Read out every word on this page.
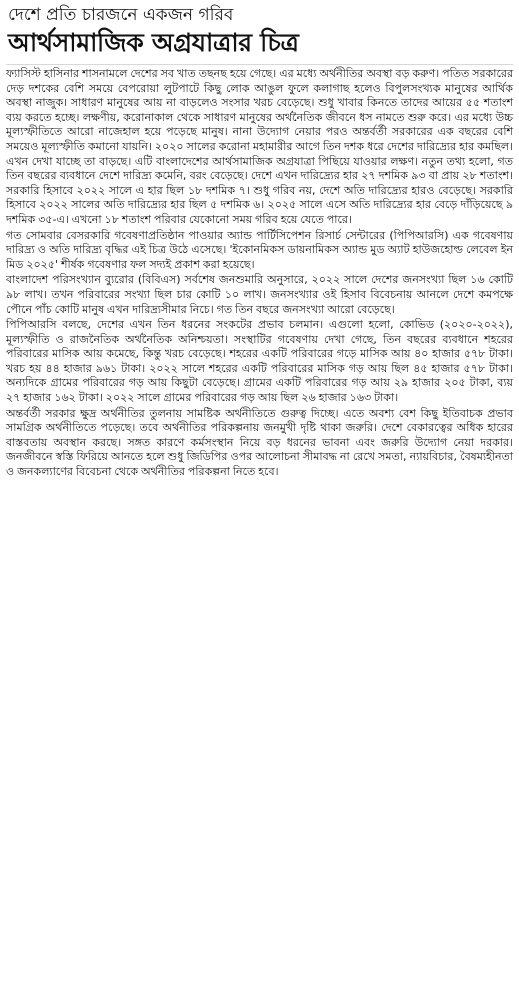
দেশে প্রতি চারজনে একজন গরিব
আর্থসামাজিক অগ্রযাত্রার চিত্র

ফ্যাসিস্ট হাসিনার শাসনামলে দেশের সব খাত তছনছ হয়ে গেছে। এর মধ্যে অর্থনীতির অবস্থা বড় করুণ। পতিত সরকারের দেড় দশকের বেশি সময়ে বেপরোয়া লুটপাটে কিছু লোক আঙুল ফুলে কলাগাছ হলেও বিপুলসংখ্যক মানুষের আর্থিক অবস্থা নাজুক। সাধারণ মানুষের আয় না বাড়লেও সংসার খরচ বেড়েছে। শুধু খাবার কিনতে তাদের আয়ের ৫৫ শতাংশ ব্যয় করতে হচ্ছে। লক্ষণীয়, করোনাকাল থেকে সাধারণ মানুষের অর্থনৈতিক জীবনে ধস নামতে শুরু করে। এর মধ্যে উচ্চ মূল্যস্ফীতিতে আরো নাজেহাল হয়ে পড়েছে মানুষ। নানা উদ্যোগ নেয়ার পরও অন্তর্বর্তী সরকারের এক বছরের বেশি সময়েও মূল্যস্ফীতি কমানো যায়নি। ২০২০ সালের করোনা মহামারীর আগে তিন দশক ধরে দেশের দারিদ্র্যের হার কমছিল। এখন দেখা যাচ্ছে তা বাড়ছে। এটি বাংলাদেশের আর্থসামাজিক অগ্রযাত্রা পিছিয়ে যাওয়ার লক্ষণ। নতুন তথ্য হলো, গত তিন বছরের ব্যবধানে দেশে দারিদ্র্য কমেনি, বরং বেড়েছে। দেশে এখন দারিদ্র্যের হার ২৭ দশমিক ৯৩ বা প্রায় ২৮ শতাংশ। সরকারি হিসাবে ২০২২ সালে এ হার ছিল ১৮ দশমিক ৭। শুধু গরিব নয়, দেশে অতি দারিদ্র্যের হারও বেড়েছে। সরকারি হিসাবে ২০২২ সালের অতি দারিদ্র্যের হার ছিল ৫ দশমিক ৬। ২০২৫ সালে এসে অতি দারিদ্র্যের হার বেড়ে দাঁড়িয়েছে ৯ দশমিক ৩৫-এ। এখনো ১৮ শতাংশ পরিবার যেকোনো সময় গরিব হয়ে যেতে পারে।

গত সোমবার বেসরকারি গবেষণাপ্রতিষ্ঠান পাওয়ার অ্যান্ড পার্টিসিপেশন রিসার্চ সেন্টারের (পিপিআরসি) এক গবেষণায় দারিদ্র্য ও অতি দারিদ্র্য বৃদ্ধির এই চিত্র উঠে এসেছে। 'ইকোনমিকস ডায়নামিকস অ্যান্ড মুড অ্যাট হাউজহোল্ড লেবেল ইন মিড ২০২৫' শীর্ষক গবেষণার ফল সদ্যই প্রকাশ করা হয়েছে।

বাংলাদেশ পরিসংখ্যান ব্যুরোর (বিবিএস) সর্বশেষ জনশুমারি অনুসারে, ২০২২ সালে দেশের জনসংখ্যা ছিল ১৬ কোটি ৯৮ লাখ। তখন পরিবারের সংখ্যা ছিল চার কোটি ১০ লাখ। জনসংখ্যার ওই হিসাব বিবেচনায় আনলে দেশে কমপক্ষে পৌনে পাঁচ কোটি মানুষ এখন দারিদ্র্যসীমার নিচে। গত তিন বছরে জনসংখ্যা আরো বেড়েছে।

পিপিআরসি বলছে, দেশের এখন তিন ধরনের সংকটের প্রভাব চলমান। এগুলো হলো, কোভিড (২০২০-২০২২), মূল্যস্ফীতি ও রাজনৈতিক অর্থনৈতিক অনিশ্চয়তা। সংস্থাটির গবেষণায় দেখা গেছে, তিন বছরের ব্যবধানে শহরের পরিবারের মাসিক আয় কমেছে, কিন্তু খরচ বেড়েছে। শহরের একটি পরিবারের গড়ে মাসিক আয় ৪০ হাজার ৫৭৮ টাকা। খরচ হয় ৪৪ হাজার ৯৬১ টাকা। ২০২২ সালে শহরের একটি পরিবারের মাসিক গড় আয় ছিল ৪৫ হাজার ৫৭৮ টাকা। অন্যদিকে গ্রামের পরিবারের গড় আয় কিছুটা বেড়েছে। গ্রামের একটি পরিবারের গড় আয় ২৯ হাজার ২০৫ টাকা, ব্যয় ২৭ হাজার ১৬২ টাকা। ২০২২ সালে গ্রামের পরিবারের গড় আয় ছিল ২৬ হাজার ১৬৩ টাকা।

অন্তর্বর্তী সরকার ক্ষুদ্র অর্থনীতির তুলনায় সামষ্টিক অর্থনীতিতে গুরুত্ব দিচ্ছে। এতে অবশ্য বেশ কিছু ইতিবাচক প্রভাব সামগ্রিক অর্থনীতিতে পড়েছে। তবে অর্থনীতির পরিকল্পনায় জনমুখী দৃষ্টি থাকা জরুরি। দেশে বেকারত্বের অধিক হারের বাস্তবতায় অবস্থান করছে। সঙ্গত কারণে কর্মসংস্থান নিয়ে বড় ধরনের ভাবনা এবং জরুরি উদ্যোগ নেয়া দরকার। জনজীবনে স্বস্তি ফিরিয়ে আনতে হলে শুধু জিডিপির ওপর আলোচনা সীমাবদ্ধ না রেখে সমতা, ন্যায়বিচার, বৈষম্যহীনতা ও জনকল্যাণের বিবেচনা থেকে অর্থনীতির পরিকল্পনা নিতে হবে।
